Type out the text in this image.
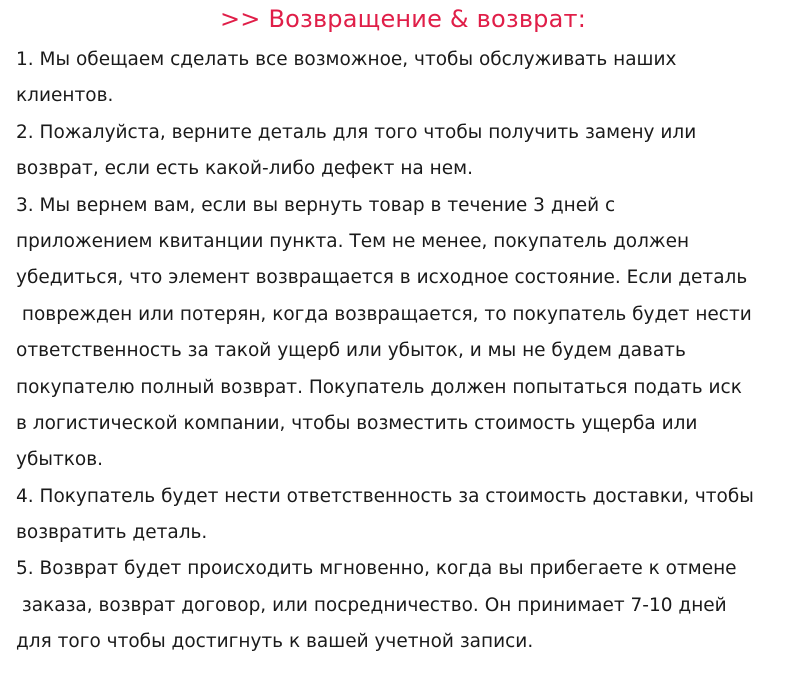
>> Возвращение & возврат:
1. Мы обещаем сделать все возможное, чтобы обслуживать наших
клиентов.
2. Пожалуйста, верните деталь для того чтобы получить замену или
возврат, если есть какой-либо дефект на нем.
3. Мы вернем вам, если вы вернуть товар в течение 3 дней с
приложением квитанции пункта. Тем не менее, покупатель должен
убедиться, что элемент возвращается в исходное состояние. Если деталь
поврежден или потерян, когда возвращается, то покупатель будет нести
ответственность за такой ущерб или убыток, и мы не будем давать
покупателю полный возврат. Покупатель должен попытаться подать иск
в логистической компании, чтобы возместить стоимость ущерба или
убытков.
4. Покупатель будет нести ответственность за стоимость доставки, чтобы
возвратить деталь.
5. Возврат будет происходить мгновенно, когда вы прибегаете к отмене
заказа, возврат договор, или посредничество. Он принимает 7-10 дней
для того чтобы достигнуть к вашей учетной записи.
